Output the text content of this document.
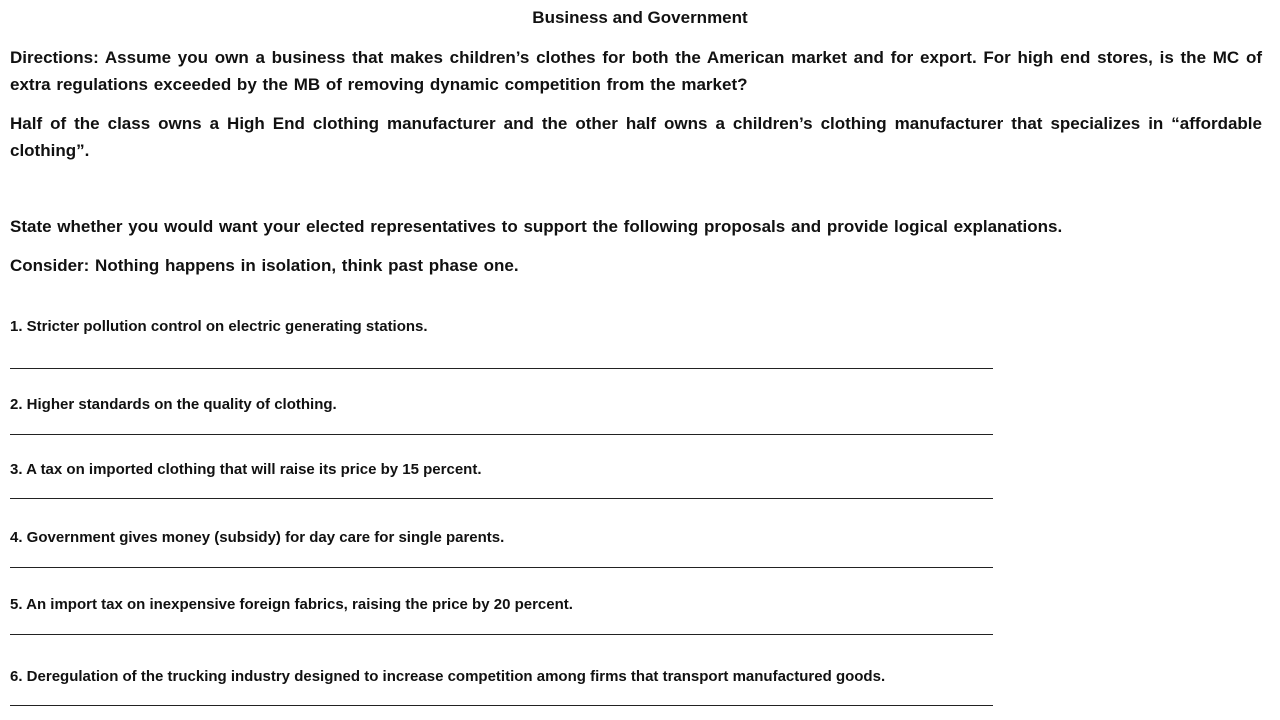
Business and Government
Directions: Assume you own a business that makes children’s clothes for both the American market and for export. For high end stores, is the MC of extra regulations exceeded by the MB of removing dynamic competition from the market?
Half of the class owns a High End clothing manufacturer and the other half owns a children’s clothing manufacturer that specializes in “affordable clothing”.
State whether you would want your elected representatives to support the following proposals and provide logical explanations.
Consider: Nothing happens in isolation, think past phase one.
1. Stricter pollution control on electric generating stations.
2. Higher standards on the quality of clothing.
3. A tax on imported clothing that will raise its price by 15 percent.
4. Government gives money (subsidy) for day care for single parents.
5. An import tax on inexpensive foreign fabrics, raising the price by 20 percent.
6. Deregulation of the trucking industry designed to increase competition among firms that transport manufactured goods.
